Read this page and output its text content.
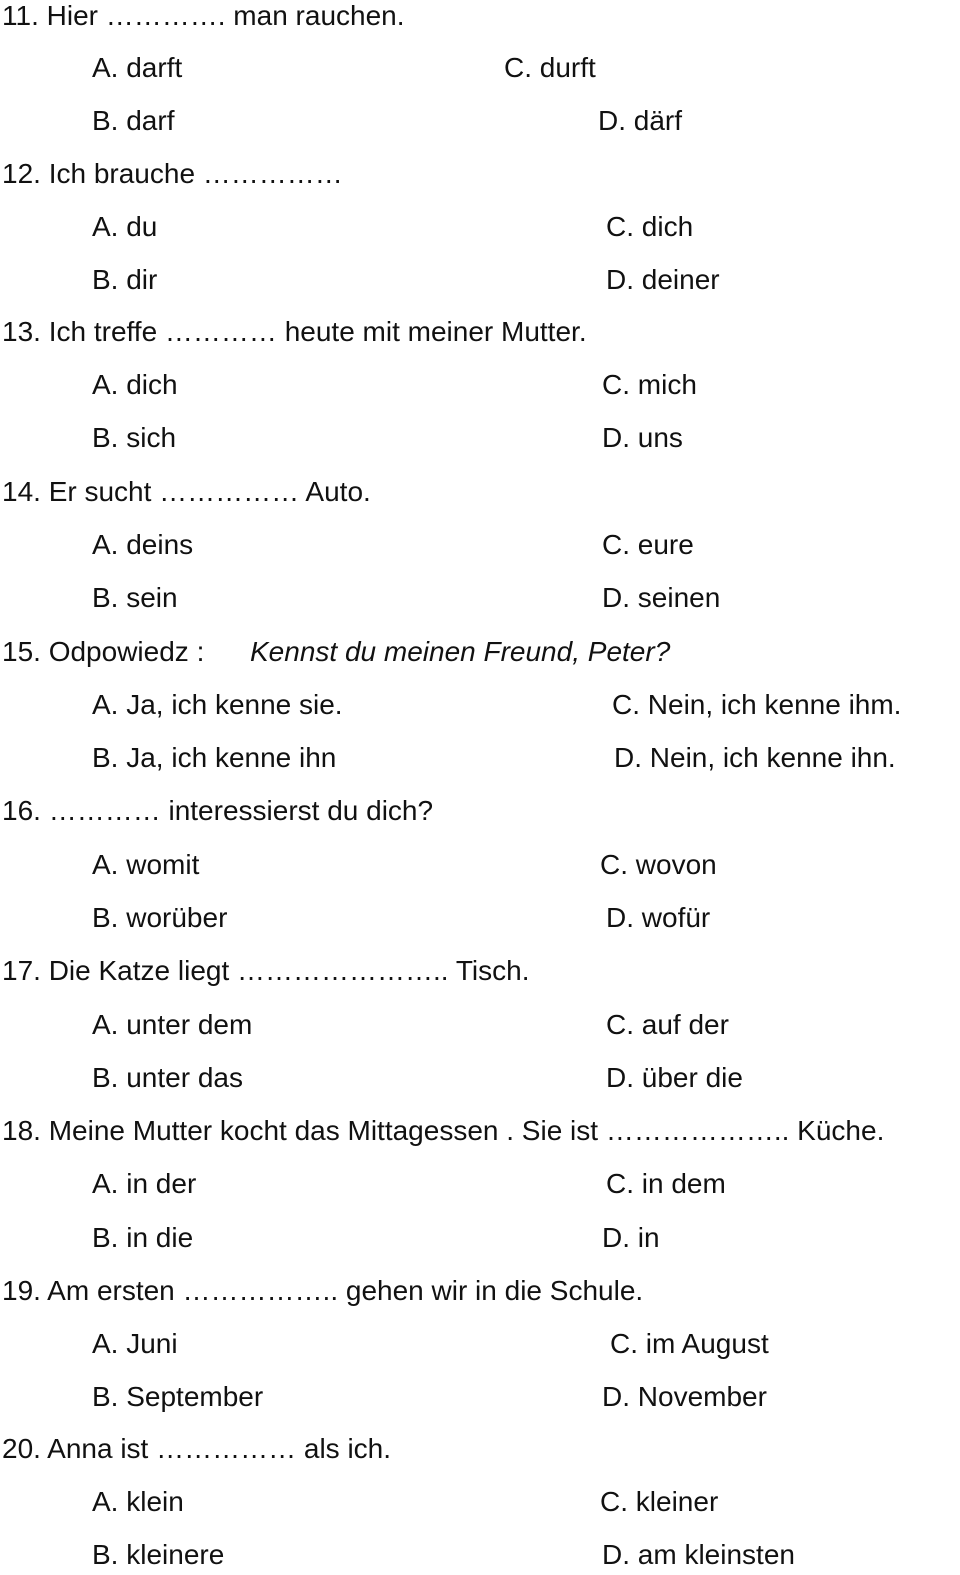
11. Hier …………. man rauchen.
A. darft	C. durft
B. darf	D. därf
12. Ich brauche ……………
A. du	C. dich
B. dir	D. deiner
13. Ich treffe ………… heute mit meiner Mutter.
A. dich	C. mich
B. sich	D. uns
14. Er sucht …………… Auto.
A. deins	C. eure
B. sein	D. seinen
15. Odpowiedz : Kennst du meinen Freund, Peter?
A. Ja, ich kenne sie.	C. Nein, ich kenne ihm.
B. Ja, ich kenne ihn	D. Nein, ich kenne ihn.
16. ………… interessierst du dich?
A. womit	C. wovon
B. worüber	D. wofür
17. Die Katze liegt ………………….. Tisch.
A. unter dem	C. auf der
B. unter das	D. über die
18. Meine Mutter kocht das Mittagessen . Sie ist ……………….. Küche.
A. in der	C. in dem
B. in die	D. in
19. Am ersten …………….. gehen wir in die Schule.
A. Juni	C. im August
B. September	D. November
20. Anna ist …………… als ich.
A. klein	C. kleiner
B. kleinere	D. am kleinsten
